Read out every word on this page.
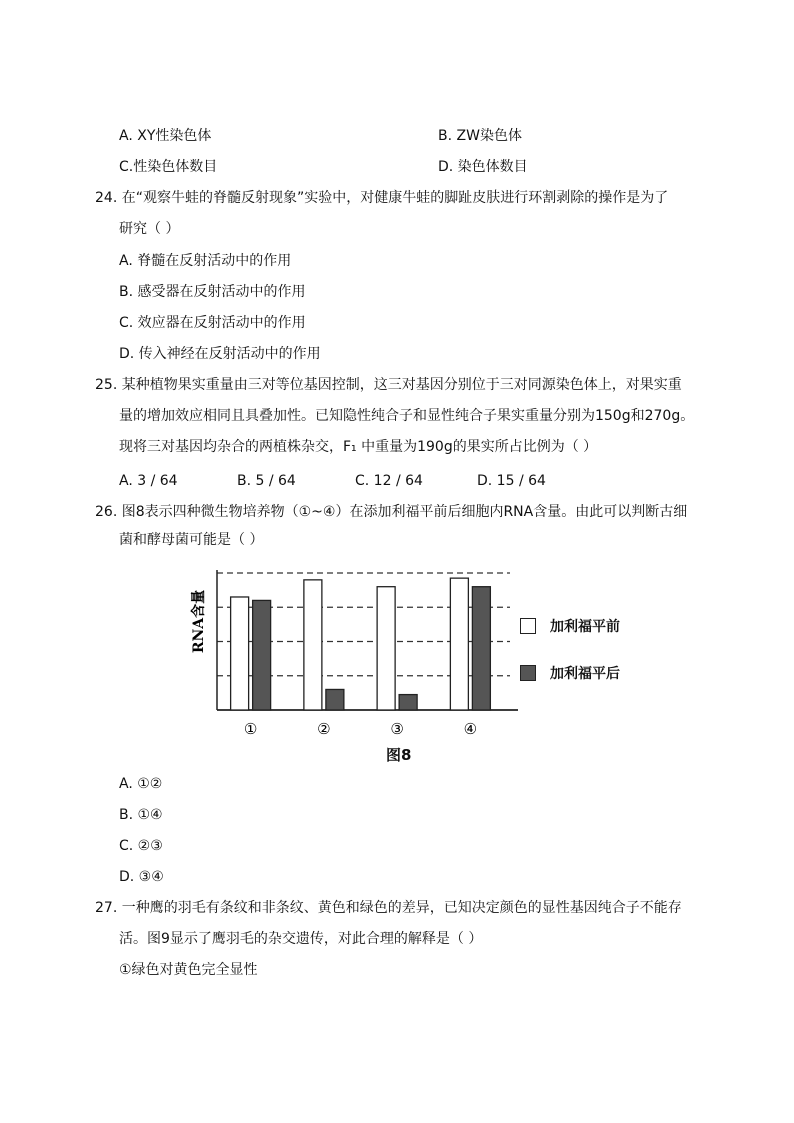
A. XY性染色体	B. ZW染色体
C.性染色体数目	D. 染色体数目
24. 在“观察牛蛙的脊髓反射现象”实验中，对健康牛蛙的脚趾皮肤进行环割剥除的操作是为了
研究（ ）
A. 脊髓在反射活动中的作用
B. 感受器在反射活动中的作用
C. 效应器在反射活动中的作用
D. 传入神经在反射活动中的作用
25. 某种植物果实重量由三对等位基因控制，这三对基因分别位于三对同源染色体上，对果实重
量的增加效应相同且具叠加性。已知隐性纯合子和显性纯合子果实重量分别为150g和270g。
现将三对基因均杂合的两植株杂交，F₁ 中重量为190g的果实所占比例为（ ）
A. 3 / 64	B. 5 / 64	C. 12 / 64	D. 15 / 64
26. 图8表示四种微生物培养物（①~④）在添加利福平前后细胞内RNA含量。由此可以判断古细
菌和酵母菌可能是（ ）
RNA含量
①	②	③	④
加利福平前
加利福平后
图8
A. ①②
B. ①④
C. ②③
D. ③④
27. 一种鹰的羽毛有条纹和非条纹、黄色和绿色的差异，已知决定颜色的显性基因纯合子不能存
活。图9显示了鹰羽毛的杂交遗传，对此合理的解释是（ ）
①绿色对黄色完全显性
